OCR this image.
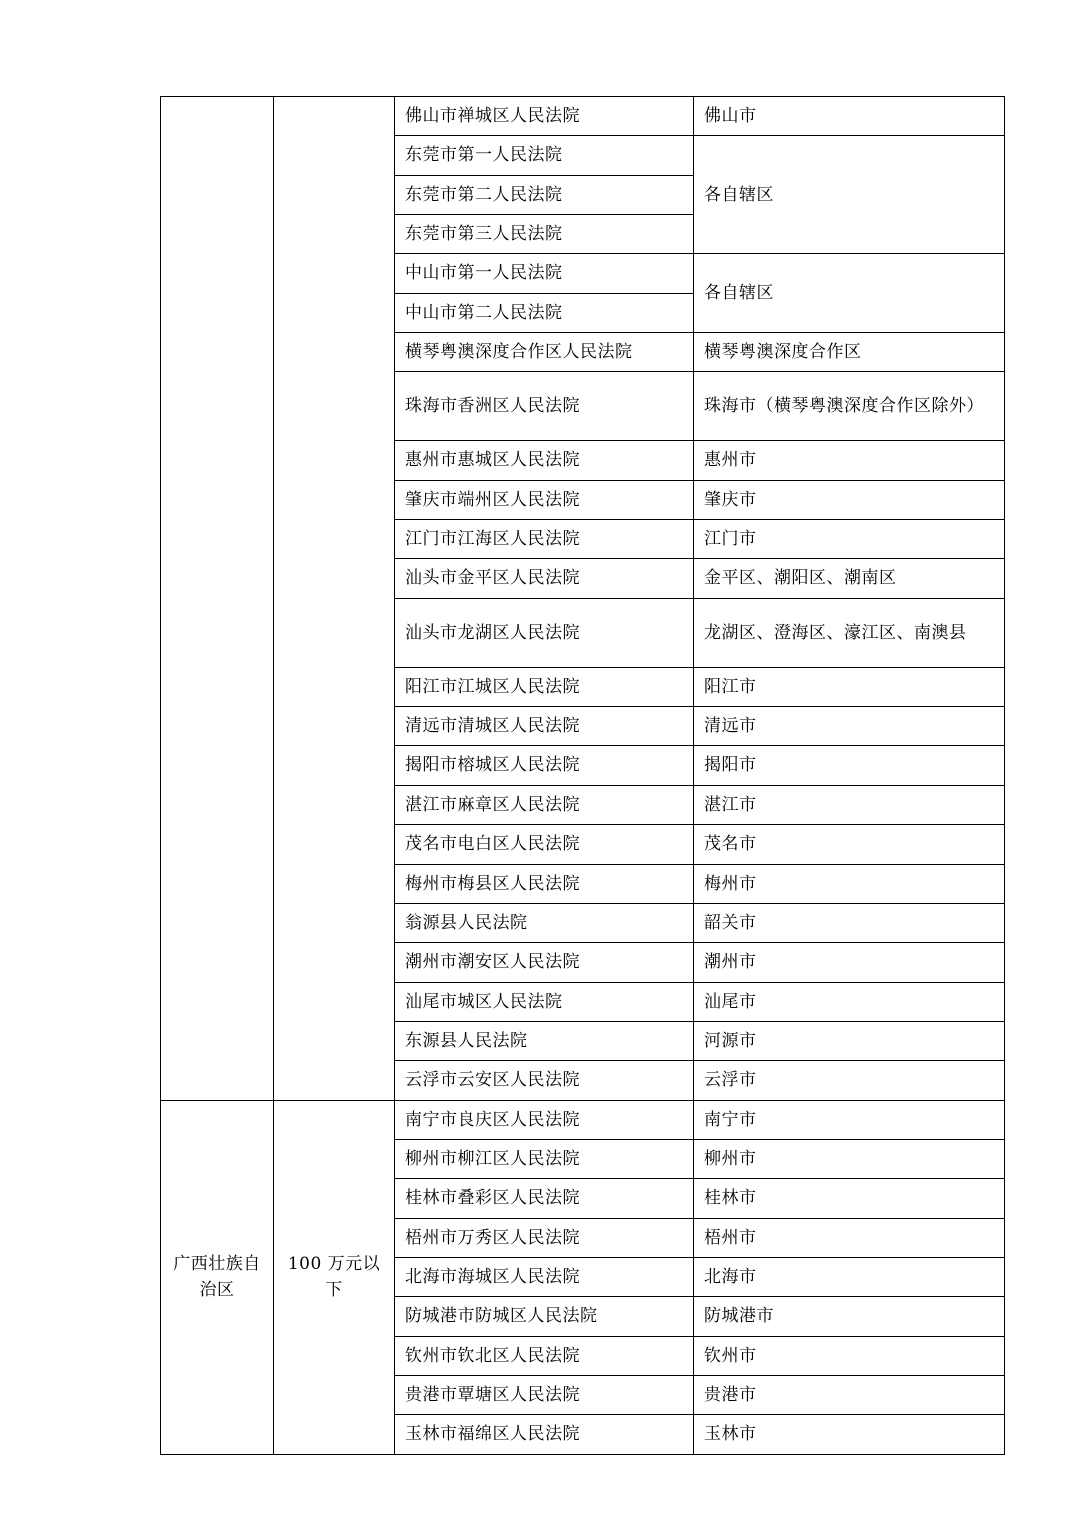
		佛山市禅城区人民法院	佛山市
		东莞市第一人民法院	各自辖区
		东莞市第二人民法院	
		东莞市第三人民法院	
		中山市第一人民法院	各自辖区
		中山市第二人民法院	
		横琴粤澳深度合作区人民法院	横琴粤澳深度合作区
		珠海市香洲区人民法院	珠海市（横琴粤澳深度合作区除外）
		惠州市惠城区人民法院	惠州市
		肇庆市端州区人民法院	肇庆市
		江门市江海区人民法院	江门市
		汕头市金平区人民法院	金平区、潮阳区、潮南区
		汕头市龙湖区人民法院	龙湖区、澄海区、濠江区、南澳县
		阳江市江城区人民法院	阳江市
		清远市清城区人民法院	清远市
		揭阳市榕城区人民法院	揭阳市
		湛江市麻章区人民法院	湛江市
		茂名市电白区人民法院	茂名市
		梅州市梅县区人民法院	梅州市
		翁源县人民法院	韶关市
		潮州市潮安区人民法院	潮州市
		汕尾市城区人民法院	汕尾市
		东源县人民法院	河源市
		云浮市云安区人民法院	云浮市
广西壮族自治区	100 万元以下	南宁市良庆区人民法院	南宁市
		柳州市柳江区人民法院	柳州市
		桂林市叠彩区人民法院	桂林市
		梧州市万秀区人民法院	梧州市
		北海市海城区人民法院	北海市
		防城港市防城区人民法院	防城港市
		钦州市钦北区人民法院	钦州市
		贵港市覃塘区人民法院	贵港市
		玉林市福绵区人民法院	玉林市
